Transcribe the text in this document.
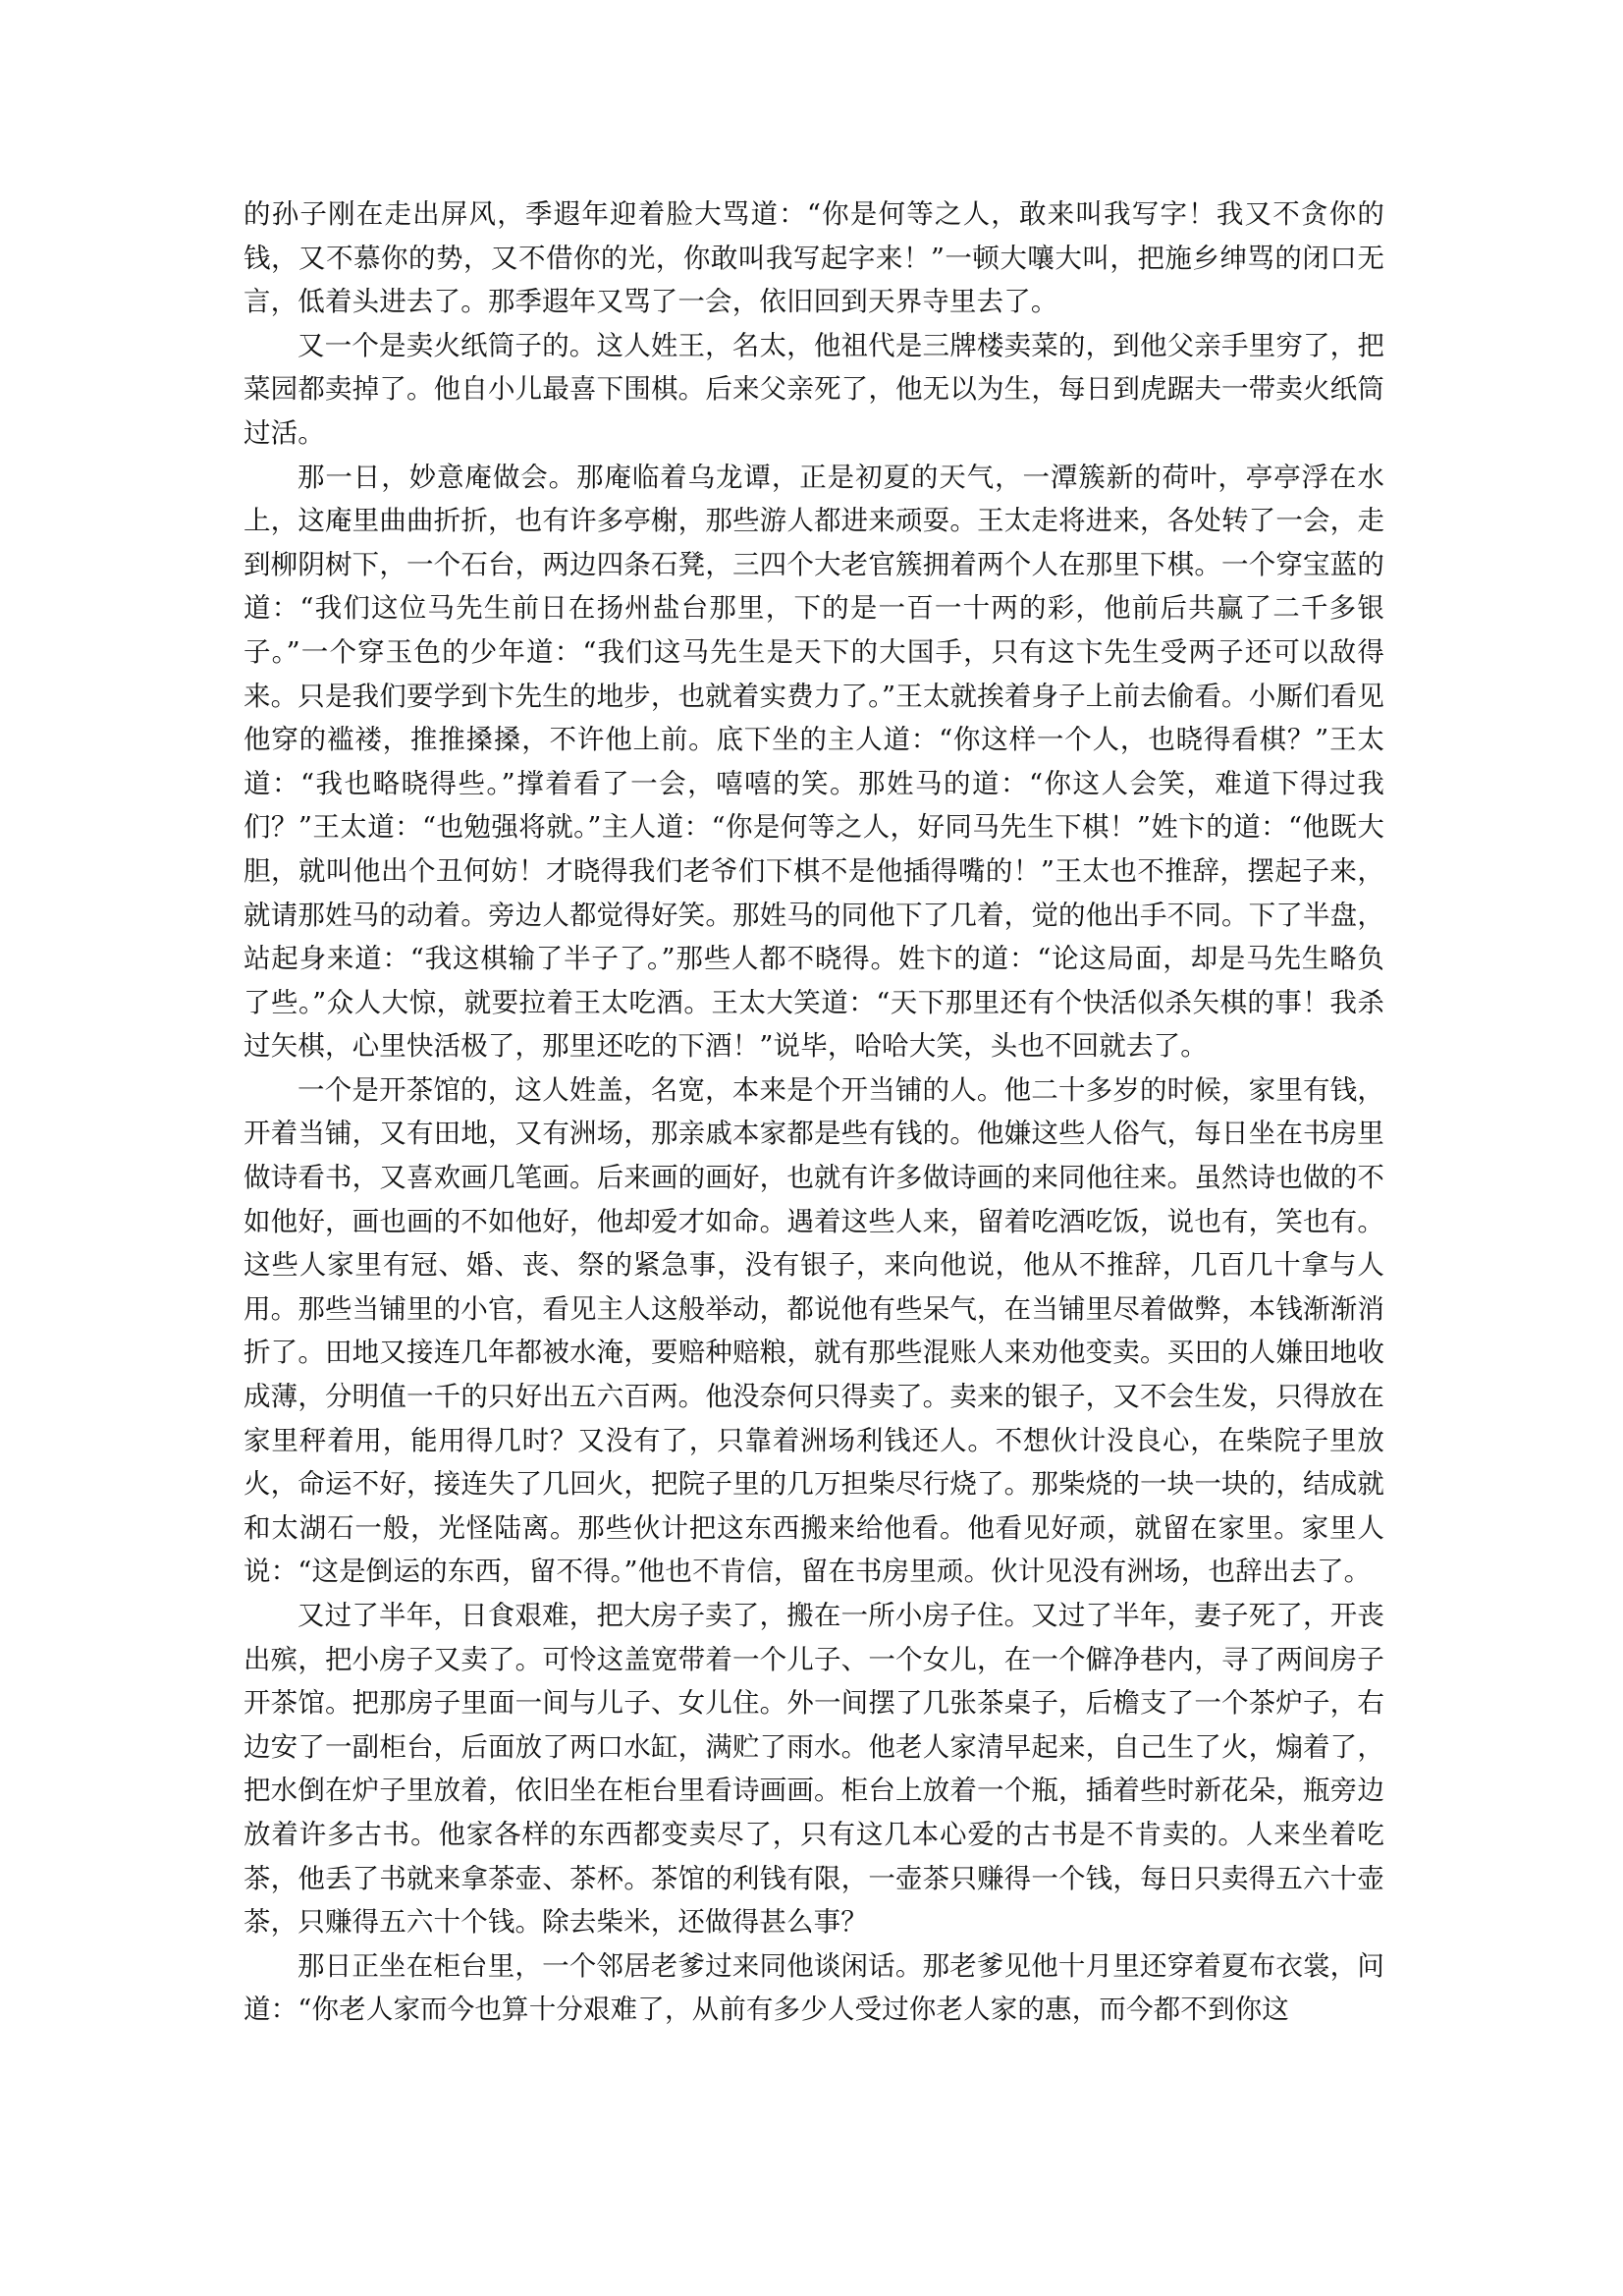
的孙子刚在走出屏风，季遐年迎着脸大骂道：“你是何等之人，敢来叫我写字！我又不贪你的钱，又不慕你的势，又不借你的光，你敢叫我写起字来！”一顿大嚷大叫，把施乡绅骂的闭口无言，低着头进去了。那季遐年又骂了一会，依旧回到天界寺里去了。

又一个是卖火纸筒子的。这人姓王，名太，他祖代是三牌楼卖菜的，到他父亲手里穷了，把菜园都卖掉了。他自小儿最喜下围棋。后来父亲死了，他无以为生，每日到虎踞夫一带卖火纸筒过活。

那一日，妙意庵做会。那庵临着乌龙谭，正是初夏的天气，一潭簇新的荷叶，亭亭浮在水上，这庵里曲曲折折，也有许多亭榭，那些游人都进来顽耍。王太走将进来，各处转了一会，走到柳阴树下，一个石台，两边四条石凳，三四个大老官簇拥着两个人在那里下棋。一个穿宝蓝的道：“我们这位马先生前日在扬州盐台那里，下的是一百一十两的彩，他前后共赢了二千多银子。”一个穿玉色的少年道：“我们这马先生是天下的大国手，只有这卞先生受两子还可以敌得来。只是我们要学到卞先生的地步，也就着实费力了。”王太就挨着身子上前去偷看。小厮们看见他穿的褴褛，推推搡搡，不许他上前。底下坐的主人道：“你这样一个人，也晓得看棋？”王太道：“我也略晓得些。”撑着看了一会，嘻嘻的笑。那姓马的道：“你这人会笑，难道下得过我们？”王太道：“也勉强将就。”主人道：“你是何等之人，好同马先生下棋！”姓卞的道：“他既大胆，就叫他出个丑何妨！才晓得我们老爷们下棋不是他插得嘴的！”王太也不推辞，摆起子来，就请那姓马的动着。旁边人都觉得好笑。那姓马的同他下了几着，觉的他出手不同。下了半盘，站起身来道：“我这棋输了半子了。”那些人都不晓得。姓卞的道：“论这局面，却是马先生略负了些。”众人大惊，就要拉着王太吃酒。王太大笑道：“天下那里还有个快活似杀矢棋的事！我杀过矢棋，心里快活极了，那里还吃的下酒！”说毕，哈哈大笑，头也不回就去了。

一个是开茶馆的，这人姓盖，名宽，本来是个开当铺的人。他二十多岁的时候，家里有钱，开着当铺，又有田地，又有洲场，那亲戚本家都是些有钱的。他嫌这些人俗气，每日坐在书房里做诗看书，又喜欢画几笔画。后来画的画好，也就有许多做诗画的来同他往来。虽然诗也做的不如他好，画也画的不如他好，他却爱才如命。遇着这些人来，留着吃酒吃饭，说也有，笑也有。这些人家里有冠、婚、丧、祭的紧急事，没有银子，来向他说，他从不推辞，几百几十拿与人用。那些当铺里的小官，看见主人这般举动，都说他有些呆气，在当铺里尽着做弊，本钱渐渐消折了。田地又接连几年都被水淹，要赔种赔粮，就有那些混账人来劝他变卖。买田的人嫌田地收成薄，分明值一千的只好出五六百两。他没奈何只得卖了。卖来的银子，又不会生发，只得放在家里秤着用，能用得几时？又没有了，只靠着洲场利钱还人。不想伙计没良心，在柴院子里放火，命运不好，接连失了几回火，把院子里的几万担柴尽行烧了。那柴烧的一块一块的，结成就和太湖石一般，光怪陆离。那些伙计把这东西搬来给他看。他看见好顽，就留在家里。家里人说：“这是倒运的东西，留不得。”他也不肯信，留在书房里顽。伙计见没有洲场，也辞出去了。

又过了半年，日食艰难，把大房子卖了，搬在一所小房子住。又过了半年，妻子死了，开丧出殡，把小房子又卖了。可怜这盖宽带着一个儿子、一个女儿，在一个僻净巷内，寻了两间房子开茶馆。把那房子里面一间与儿子、女儿住。外一间摆了几张茶桌子，后檐支了一个茶炉子，右边安了一副柜台，后面放了两口水缸，满贮了雨水。他老人家清早起来，自己生了火，煽着了，把水倒在炉子里放着，依旧坐在柜台里看诗画画。柜台上放着一个瓶，插着些时新花朵，瓶旁边放着许多古书。他家各样的东西都变卖尽了，只有这几本心爱的古书是不肯卖的。人来坐着吃茶，他丢了书就来拿茶壶、茶杯。茶馆的利钱有限，一壶茶只赚得一个钱，每日只卖得五六十壶茶，只赚得五六十个钱。除去柴米，还做得甚么事？

那日正坐在柜台里，一个邻居老爹过来同他谈闲话。那老爹见他十月里还穿着夏布衣裳，问道：“你老人家而今也算十分艰难了，从前有多少人受过你老人家的惠，而今都不到你这
